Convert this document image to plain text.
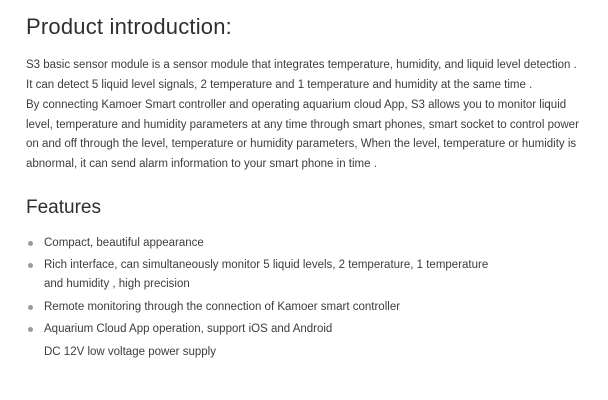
Product introduction:

S3 basic sensor module is a sensor module that integrates temperature, humidity, and liquid level detection . It can detect 5 liquid level signals, 2 temperature and 1 temperature and humidity at the same time .

By connecting Kamoer Smart controller and operating aquarium cloud App, S3 allows you to monitor liquid level, temperature and humidity parameters at any time through smart phones, smart socket to control power on and off through the level, temperature or humidity parameters, When the level, temperature or humidity is abnormal, it can send alarm information to your smart phone in time .

Features
Compact, beautiful appearance
Rich interface, can simultaneously monitor 5 liquid levels, 2 temperature, 1 temperature
and humidity , high precision
Remote monitoring through the connection of Kamoer smart controller
Aquarium Cloud App operation, support iOS and Android
DC 12V low voltage power supply
